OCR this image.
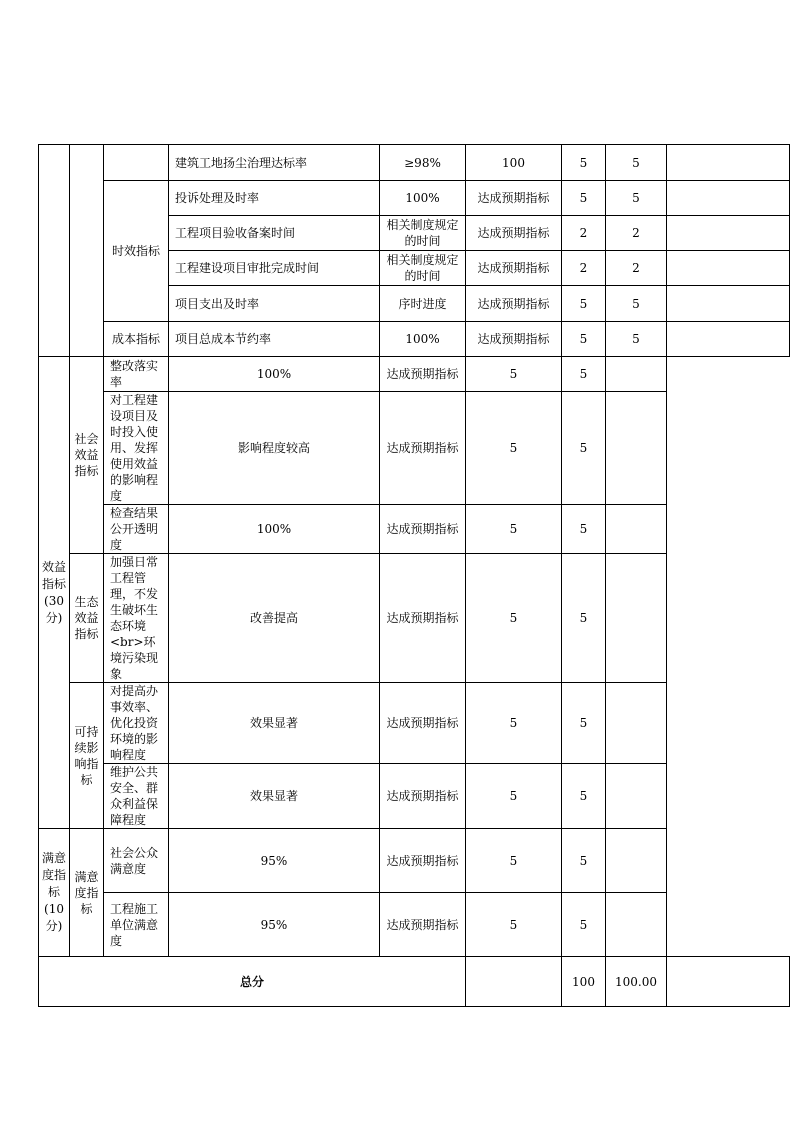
			建筑工地扬尘治理达标率	≥98%	100	5	5	
		时效指标	投诉处理及时率	100%	达成预期指标	5	5	
			工程项目验收备案时间	相关制度规定的时间	达成预期指标	2	2	
			工程建设项目审批完成时间	相关制度规定的时间	达成预期指标	2	2	
			项目支出及时率	序时进度	达成预期指标	5	5	
		成本指标	项目总成本节约率	100%	达成预期指标	5	5	

效益指标(30分)	社会效益指标	整改落实率	100%	达成预期指标	5	5		
		对工程建设项目及时投入使用、发挥使用效益的影响程度	影响程度较高	达成预期指标	5	5		
		检查结果公开透明度	100%	达成预期指标	5	5		
	生态效益指标	加强日常工程管理，不发生破坏生态环境<br>环境污染现象	改善提高	达成预期指标	5	5		
	可持续影响指标	对提高办事效率、优化投资环境的影响程度	效果显著	达成预期指标	5	5		
		维护公共安全、群众利益保障程度	效果显著	达成预期指标	5	5		
满意度指标(10分)	满意度指标	社会公众满意度	95%	达成预期指标	5	5		
		工程施工单位满意度	95%	达成预期指标	5	5		
总分						100	100.00	
